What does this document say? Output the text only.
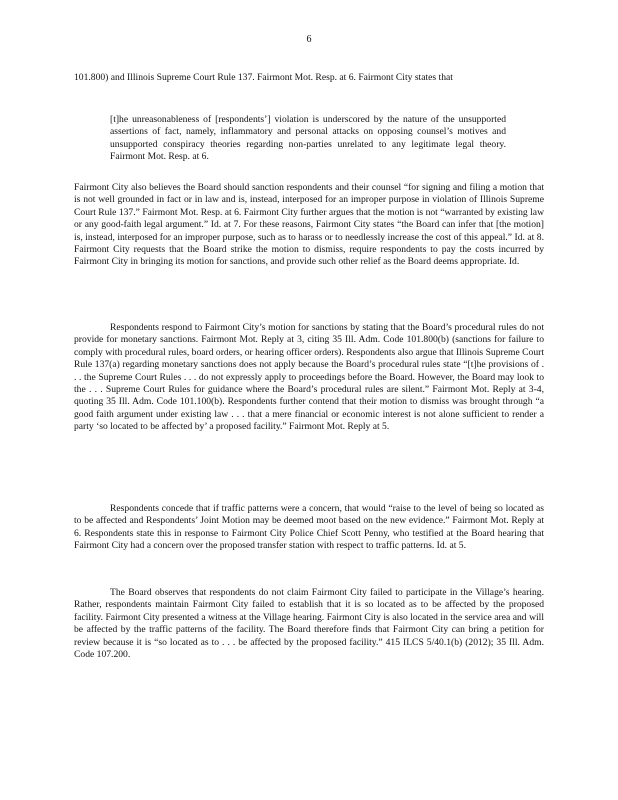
6

101.800) and Illinois Supreme Court Rule 137. Fairmont Mot. Resp. at 6. Fairmont City states that

[t]he unreasonableness of [respondents’] violation is underscored by the nature of the unsupported assertions of fact, namely, inflammatory and personal attacks on opposing counsel’s motives and unsupported conspiracy theories regarding non-parties unrelated to any legitimate legal theory. Fairmont Mot. Resp. at 6.

Fairmont City also believes the Board should sanction respondents and their counsel “for signing and filing a motion that is not well grounded in fact or in law and is, instead, interposed for an improper purpose in violation of Illinois Supreme Court Rule 137.” Fairmont Mot. Resp. at 6. Fairmont City further argues that the motion is not “warranted by existing law or any good-faith legal argument.” Id. at 7. For these reasons, Fairmont City states “the Board can infer that [the motion] is, instead, interposed for an improper purpose, such as to harass or to needlessly increase the cost of this appeal.” Id. at 8. Fairmont City requests that the Board strike the motion to dismiss, require respondents to pay the costs incurred by Fairmont City in bringing its motion for sanctions, and provide such other relief as the Board deems appropriate. Id.

Respondents respond to Fairmont City’s motion for sanctions by stating that the Board’s procedural rules do not provide for monetary sanctions. Fairmont Mot. Reply at 3, citing 35 Ill. Adm. Code 101.800(b) (sanctions for failure to comply with procedural rules, board orders, or hearing officer orders). Respondents also argue that Illinois Supreme Court Rule 137(a) regarding monetary sanctions does not apply because the Board’s procedural rules state “[t]he provisions of . . . the Supreme Court Rules . . . do not expressly apply to proceedings before the Board. However, the Board may look to the . . . Supreme Court Rules for guidance where the Board’s procedural rules are silent.” Fairmont Mot. Reply at 3-4, quoting 35 Ill. Adm. Code 101.100(b). Respondents further contend that their motion to dismiss was brought through “a good faith argument under existing law . . . that a mere financial or economic interest is not alone sufficient to render a party ‘so located to be affected by’ a proposed facility.” Fairmont Mot. Reply at 5.

Respondents concede that if traffic patterns were a concern, that would “raise to the level of being so located as to be affected and Respondents’ Joint Motion may be deemed moot based on the new evidence.” Fairmont Mot. Reply at 6. Respondents state this in response to Fairmont City Police Chief Scott Penny, who testified at the Board hearing that Fairmont City had a concern over the proposed transfer station with respect to traffic patterns. Id. at 5.

The Board observes that respondents do not claim Fairmont City failed to participate in the Village’s hearing. Rather, respondents maintain Fairmont City failed to establish that it is so located as to be affected by the proposed facility. Fairmont City presented a witness at the Village hearing. Fairmont City is also located in the service area and will be affected by the traffic patterns of the facility. The Board therefore finds that Fairmont City can bring a petition for review because it is “so located as to . . . be affected by the proposed facility.” 415 ILCS 5/40.1(b) (2012); 35 Ill. Adm. Code 107.200.
